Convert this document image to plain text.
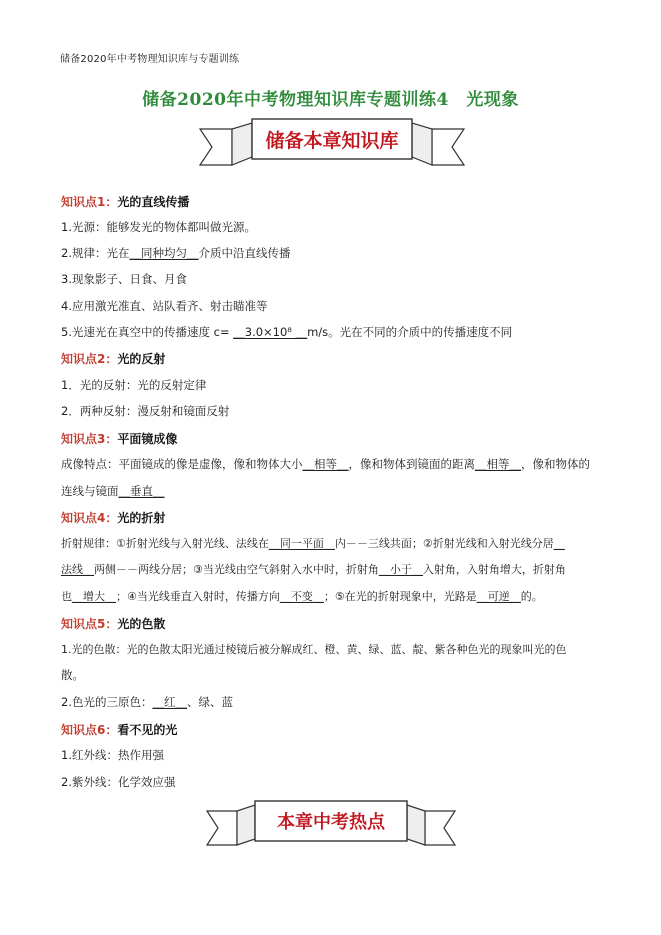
储备2020年中考物理知识库与专题训练
储备2020年中考物理知识库专题训练4　光现象
储备本章知识库
知识点1：光的直线传播
1.光源：能够发光的物体都叫做光源。
2.规律：光在__同种均匀__介质中沿直线传播
3.现象影子、日食、月食
4.应用激光准直、站队看齐、射击瞄准等
5.光速光在真空中的传播速度 c= __3.0×10⁸ __m/s。光在不同的介质中的传播速度不同
知识点2：光的反射
1．光的反射：光的反射定律
2．两种反射：漫反射和镜面反射
知识点3：平面镜成像
成像特点：平面镜成的像是虚像，像和物体大小__相等__，像和物体到镜面的距离__相等__，像和物体的
连线与镜面__垂直__
知识点4：光的折射
折射规律：①折射光线与入射光线、法线在__同一平面__内－－三线共面；②折射光线和入射光线分居__
法线__两侧－－两线分居；③当光线由空气斜射入水中时，折射角__小于__入射角，入射角增大，折射角
也__增大__；④当光线垂直入射时，传播方向__不变__；⑤在光的折射现象中，光路是__可逆__的。
知识点5：光的色散
1.光的色散：光的色散太阳光通过棱镜后被分解成红、橙、黄、绿、蓝、靛、紫各种色光的现象叫光的色
散。
2.色光的三原色：__红__、绿、蓝
知识点6：看不见的光
1.红外线：热作用强
2.紫外线：化学效应强
本章中考热点
